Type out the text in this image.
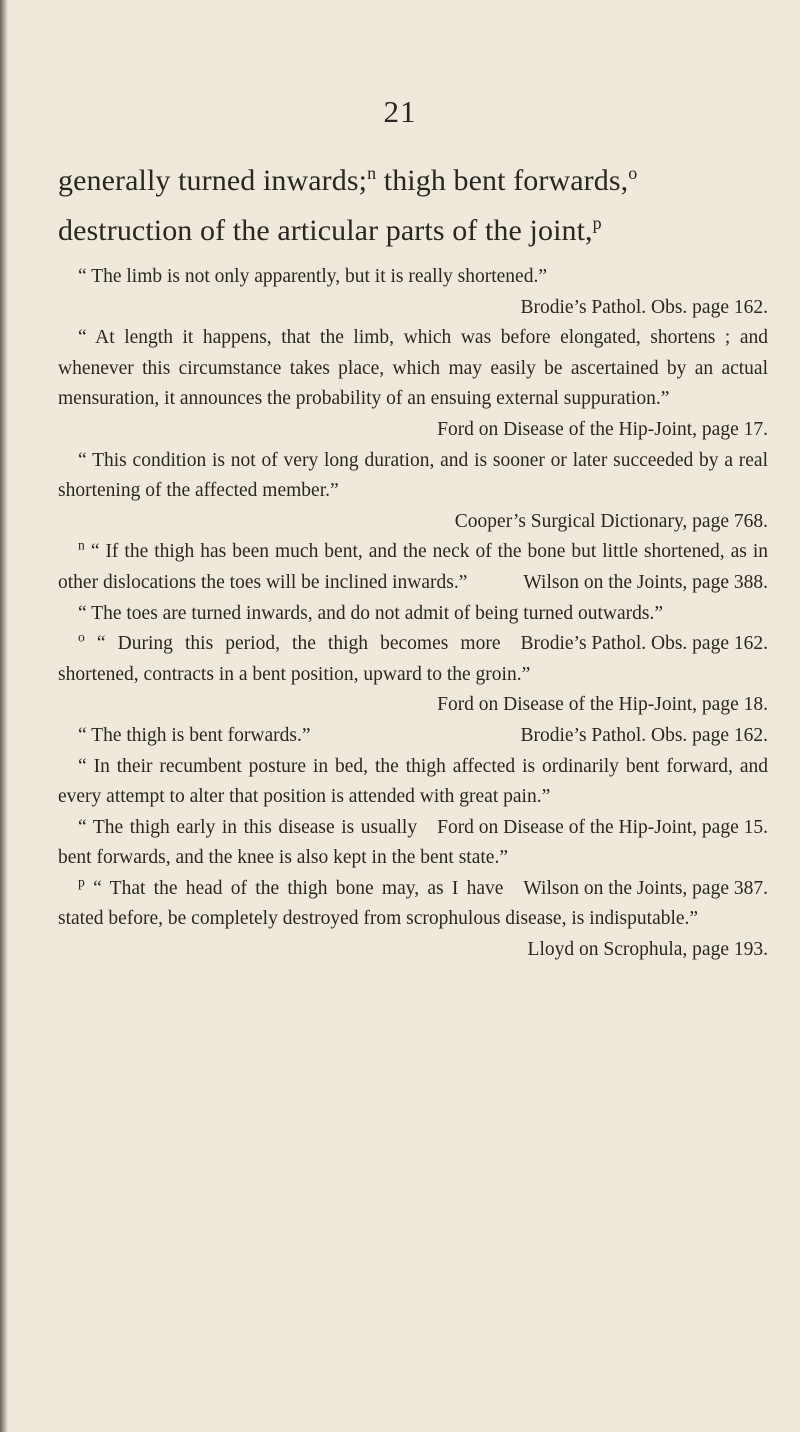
21
generally turned inwards;$^n$ thigh bent forwards,$^o$
destruction of the articular parts of the joint,$^p$
“ The limb is not only apparently, but it is really shortened.”
Brodie’s Pathol. Obs. page 162.
“ At length it happens, that the limb, which was before elongated, shortens ; and whenever this circumstance takes place, which may easily be ascertained by an actual mensuration, it announces the probability of an ensuing external suppuration.”
Ford on Disease of the Hip-Joint, page 17.
“ This condition is not of very long duration, and is sooner or later succeeded by a real shortening of the affected member.”
Cooper’s Surgical Dictionary, page 768.
$^n$ “ If the thigh has been much bent, and the neck of the bone but little shortened, as in other dislocations the toes will be inclined inwards.”	Wilson on the Joints, page 388.
“ The toes are turned inwards, and do not admit of being turned outwards.”
Brodie’s Pathol. Obs. page 162.
$^o$ “ During this period, the thigh becomes more shortened, contracts in a bent position, upward to the groin.”
Ford on Disease of the Hip-Joint, page 18.
“ The thigh is bent forwards.”	Brodie’s Pathol. Obs. page 162.
“ In their recumbent posture in bed, the thigh affected is ordinarily bent forward, and every attempt to alter that position is attended with great pain.”
Ford on Disease of the Hip-Joint, page 15.
“ The thigh early in this disease is usually bent forwards, and the knee is also kept in the bent state.”
Wilson on the Joints, page 387.
$^p$ “ That the head of the thigh bone may, as I have stated before, be completely destroyed from scrophulous disease, is indisputable.”
Lloyd on Scrophula, page 193.
